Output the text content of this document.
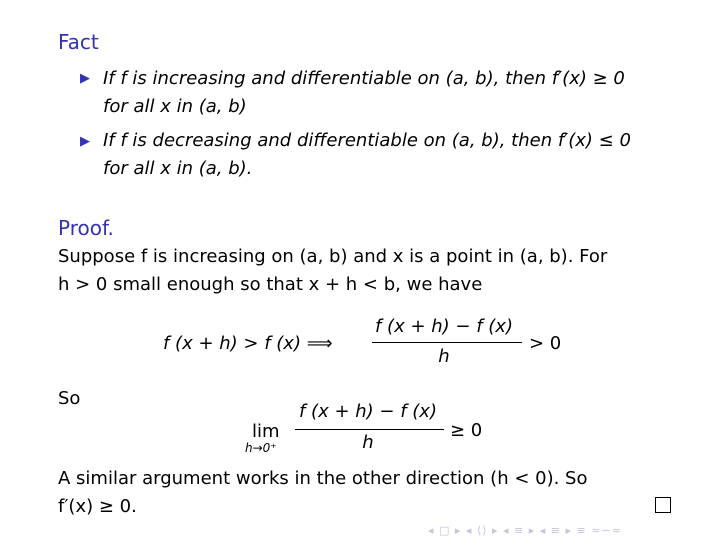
Fact
▶ If f is increasing and differentiable on (a, b), then f′(x) ≥ 0
for all x in (a, b)
▶ If f is decreasing and differentiable on (a, b), then f′(x) ≤ 0
for all x in (a, b).
Proof.
Suppose f is increasing on (a, b) and x is a point in (a, b). For
h > 0 small enough so that x + h < b, we have
f (x + h) > f (x) ⟹
f (x + h) − f (x)
h
> 0
So
lim
h→0⁺
f (x + h) − f (x)
h
≥ 0
A similar argument works in the other direction (h < 0). So
f′(x) ≥ 0.
◂ □ ▸ ◂ ⟨⟩ ▸ ◂ ≡ ▸ ◂ ≡ ▸ ≡ ≈∽≈
